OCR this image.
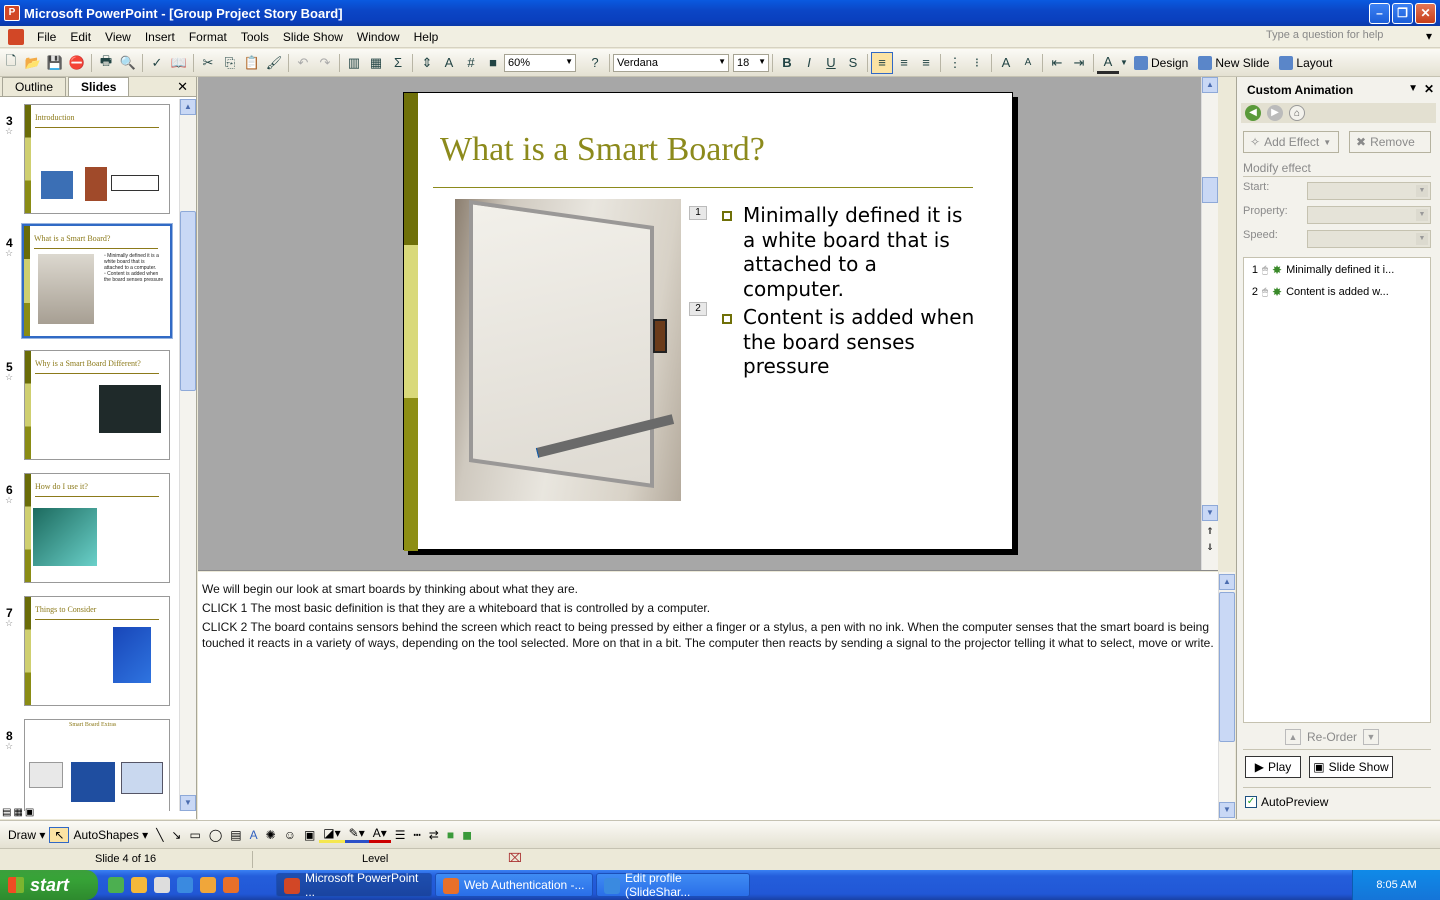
P Microsoft PowerPoint - [Group Project Story Board]	–	❐	✕
File	Edit	View	Insert	Format	Tools	Slide Show	Window	Help	Type a question for help	▾
🗋 📂 💾 ⛔	🖶 🔍	✓ 📖	✂ ⎘ 📋 🖌	↶ ↷	▥ ▦ Σ	⇕ A	#	■	60%	▼	?	Verdana	▼ 18 ▼	B	I	U S	≡	≡	≡	⋮	⁝	A	A	⇤ ⇥	A ▼ Design New Slide Layout
Outline	Slides	✕
3
☆
Introduction
4
☆
What is a Smart Board?
▫ Minimally defined it is a white board that is attached to a computer.
▫ Content is added when the board senses pressure
5
☆
Why is a Smart Board Different?
6
☆
How do I use it?
7
☆
Things to Consider
8
☆
Smart Board Extras
▲
▼
What is a Smart Board?
1	Minimally defined it is a white board that is attached to a computer.
2	Content is added when the board senses pressure
▲
▼
⇑
⇓

We will begin our look at smart boards by thinking about what they are.

CLICK 1 The most basic definition is that they are a whiteboard that is controlled by a computer.

CLICK 2 The board contains sensors behind the screen which react to being pressed by either a finger or a stylus, a pen with no ink. When the computer senses that the smart board is being touched it reacts in a variety of ways, depending on the tool selected. More on that in a bit. The computer then reacts by sending a signal to the projector telling it what to select, move or write.

▲
▼
Custom Animation	▼ ✕
◀	▶	⌂
✧ Add Effect ▼ ✖ Remove
Modify effect
Start:	▼
Property:	▼
Speed:	▼
1 🖱 ✸ Minimally defined it i...
2 🖱 ✸ Content is added w...
▲ Re-Order	▼
▶ Play ▣ Slide Show
✓ AutoPreview
▤▦▣
Draw ▾ ↖ AutoShapes ▾ ╲ ↘ ▭ ◯ ▤ A ✺ ☺ ▣ ◪▾ ✎▾ A▾ ☰ ┅ ⇄ ■ ◼
Slide 4 of 16	Level	⌧
start	Microsoft PowerPoint ...	Web Authentication -...	Edit profile (SlideShar...	8:05 AM
